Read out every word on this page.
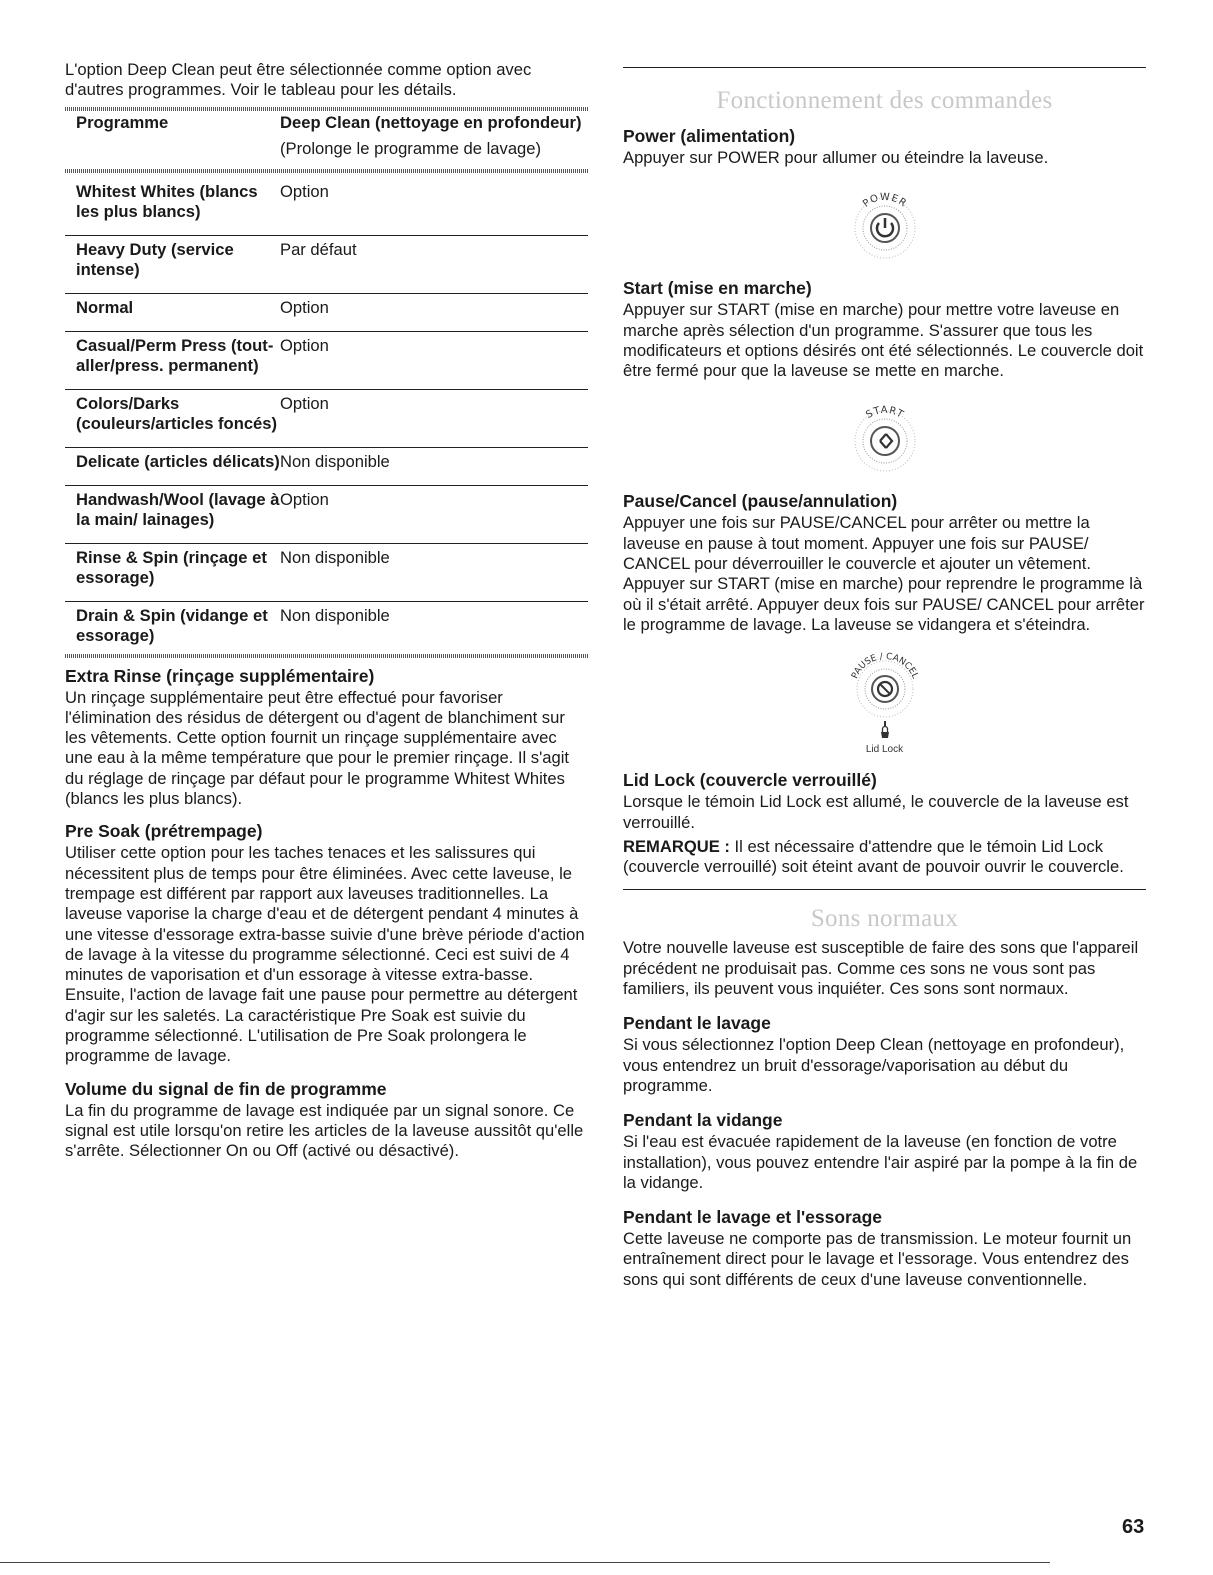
L'option Deep Clean peut être sélectionnée comme option avec d'autres programmes. Voir le tableau pour les détails.

Programme	Deep Clean (nettoyage en profondeur)
(Prolonge le programme de lavage)

Whitest Whites (blancs les plus blancs)	Option
Heavy Duty (service intense)	Par défaut
Normal	Option
Casual/Perm Press (tout-aller/press. permanent)	Option
Colors/Darks (couleurs/articles foncés)	Option
Delicate (articles délicats)	Non disponible
Handwash/Wool (lavage à la main/ lainages)	Option
Rinse & Spin (rinçage et essorage)	Non disponible
Drain & Spin (vidange et essorage)	Non disponible
Extra Rinse (rinçage supplémentaire)

Un rinçage supplémentaire peut être effectué pour favoriser l'élimination des résidus de détergent ou d'agent de blanchiment sur les vêtements. Cette option fournit un rinçage supplémentaire avec une eau à la même température que pour le premier rinçage. Il s'agit du réglage de rinçage par défaut pour le programme Whitest Whites (blancs les plus blancs).

Pre Soak (prétrempage)

Utiliser cette option pour les taches tenaces et les salissures qui nécessitent plus de temps pour être éliminées. Avec cette laveuse, le trempage est différent par rapport aux laveuses traditionnelles. La laveuse vaporise la charge d'eau et de détergent pendant 4 minutes à une vitesse d'essorage extra-basse suivie d'une brève période d'action de lavage à la vitesse du programme sélectionné. Ceci est suivi de 4 minutes de vaporisation et d'un essorage à vitesse extra-basse. Ensuite, l'action de lavage fait une pause pour permettre au détergent d'agir sur les saletés. La caractéristique Pre Soak est suivie du programme sélectionné. L'utilisation de Pre Soak prolongera le programme de lavage.

Volume du signal de fin de programme

La fin du programme de lavage est indiquée par un signal sonore. Ce signal est utile lorsqu'on retire les articles de la laveuse aussitôt qu'elle s'arrête. Sélectionner On ou Off (activé ou désactivé).

Fonctionnement des commandes
Power (alimentation)

Appuyer sur POWER pour allumer ou éteindre la laveuse.

POWER
Start (mise en marche)

Appuyer sur START (mise en marche) pour mettre votre laveuse en marche après sélection d'un programme. S'assurer que tous les modificateurs et options désirés ont été sélectionnés. Le couvercle doit être fermé pour que la laveuse se mette en marche.

START
Pause/Cancel (pause/annulation)

Appuyer une fois sur PAUSE/CANCEL pour arrêter ou mettre la laveuse en pause à tout moment. Appuyer une fois sur PAUSE/ CANCEL pour déverrouiller le couvercle et ajouter un vêtement. Appuyer sur START (mise en marche) pour reprendre le programme là où il s'était arrêté. Appuyer deux fois sur PAUSE/ CANCEL pour arrêter le programme de lavage. La laveuse se vidangera et s'éteindra.

PAUSE / CANCEL
Lid Lock
Lid Lock (couvercle verrouillé)

Lorsque le témoin Lid Lock est allumé, le couvercle de la laveuse est verrouillé.

REMARQUE : Il est nécessaire d'attendre que le témoin Lid Lock (couvercle verrouillé) soit éteint avant de pouvoir ouvrir le couvercle.

Sons normaux

Votre nouvelle laveuse est susceptible de faire des sons que l'appareil précédent ne produisait pas. Comme ces sons ne vous sont pas familiers, ils peuvent vous inquiéter. Ces sons sont normaux.

Pendant le lavage

Si vous sélectionnez l'option Deep Clean (nettoyage en profondeur), vous entendrez un bruit d'essorage/vaporisation au début du programme.

Pendant la vidange

Si l'eau est évacuée rapidement de la laveuse (en fonction de votre installation), vous pouvez entendre l'air aspiré par la pompe à la fin de la vidange.

Pendant le lavage et l'essorage

Cette laveuse ne comporte pas de transmission. Le moteur fournit un entraînement direct pour le lavage et l'essorage. Vous entendrez des sons qui sont différents de ceux d'une laveuse conventionnelle.

63
